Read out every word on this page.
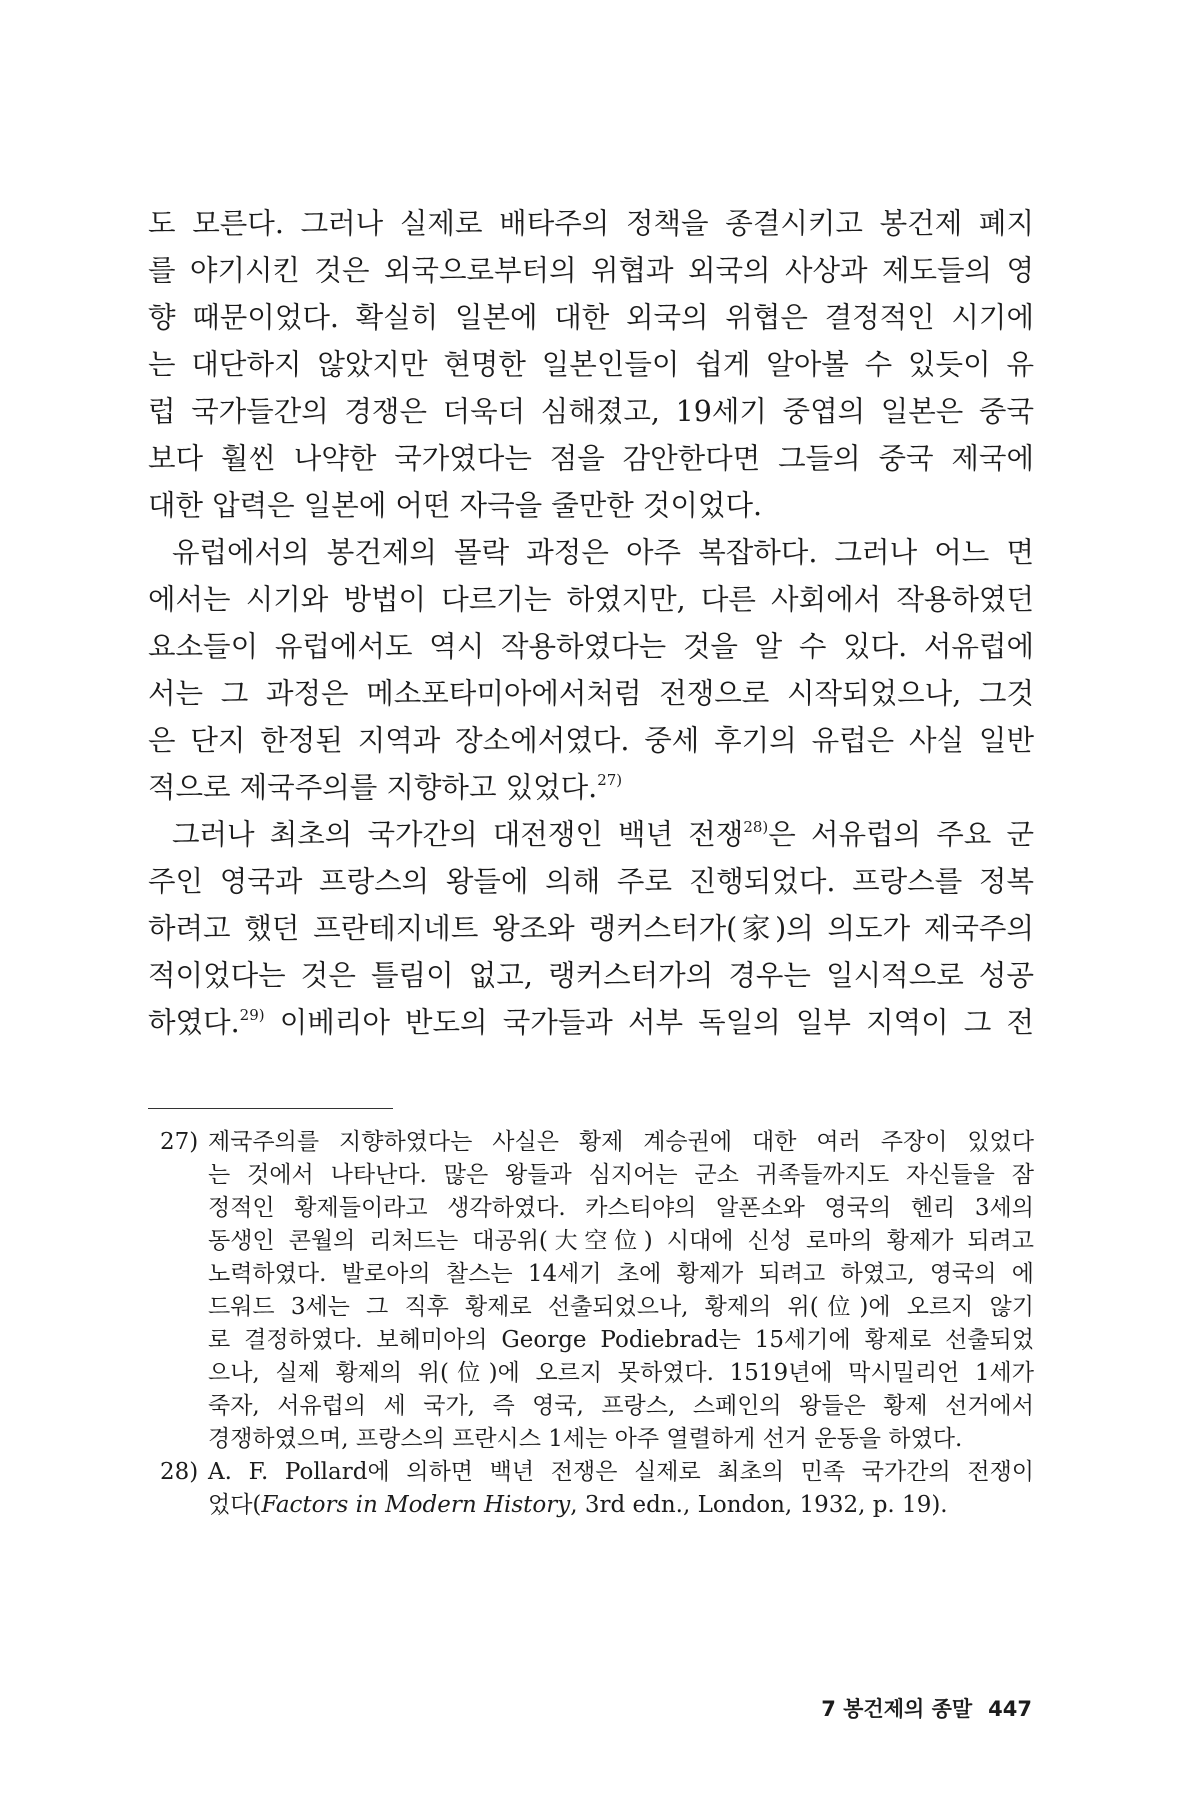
도 모른다. 그러나 실제로 배타주의 정책을 종결시키고 봉건제 폐지
를 야기시킨 것은 외국으로부터의 위협과 외국의 사상과 제도들의 영
향 때문이었다. 확실히 일본에 대한 외국의 위협은 결정적인 시기에
는 대단하지 않았지만 현명한 일본인들이 쉽게 알아볼 수 있듯이 유
럽 국가들간의 경쟁은 더욱더 심해졌고, 19세기 중엽의 일본은 중국
보다 훨씬 나약한 국가였다는 점을 감안한다면 그들의 중국 제국에
대한 압력은 일본에 어떤 자극을 줄만한 것이었다.
유럽에서의 봉건제의 몰락 과정은 아주 복잡하다. 그러나 어느 면
에서는 시기와 방법이 다르기는 하였지만, 다른 사회에서 작용하였던
요소들이 유럽에서도 역시 작용하였다는 것을 알 수 있다. 서유럽에
서는 그 과정은 메소포타미아에서처럼 전쟁으로 시작되었으나, 그것
은 단지 한정된 지역과 장소에서였다. 중세 후기의 유럽은 사실 일반
적으로 제국주의를 지향하고 있었다.$^{27)}$
그러나 최초의 국가간의 대전쟁인 백년 전쟁$^{28)}$은 서유럽의 주요 군
주인 영국과 프랑스의 왕들에 의해 주로 진행되었다. 프랑스를 정복
하려고 했던 프란테지네트 왕조와 랭커스터가(家)의 의도가 제국주의
적이었다는 것은 틀림이 없고, 랭커스터가의 경우는 일시적으로 성공
하였다.$^{29)}$ 이베리아 반도의 국가들과 서부 독일의 일부 지역이 그 전
27) 제국주의를 지향하였다는 사실은 황제 계승권에 대한 여러 주장이 있었다
는 것에서 나타난다. 많은 왕들과 심지어는 군소 귀족들까지도 자신들을 잠
정적인 황제들이라고 생각하였다. 카스티야의 알폰소와 영국의 헨리 3세의
동생인 콘월의 리처드는 대공위(大空位) 시대에 신성 로마의 황제가 되려고
노력하였다. 발로아의 찰스는 14세기 초에 황제가 되려고 하였고, 영국의 에
드워드 3세는 그 직후 황제로 선출되었으나, 황제의 위(位)에 오르지 않기
로 결정하였다. 보헤미아의 George Podiebrad는 15세기에 황제로 선출되었
으나, 실제 황제의 위(位)에 오르지 못하였다. 1519년에 막시밀리언 1세가
죽자, 서유럽의 세 국가, 즉 영국, 프랑스, 스페인의 왕들은 황제 선거에서
경쟁하였으며, 프랑스의 프란시스 1세는 아주 열렬하게 선거 운동을 하였다.
28) A. F. Pollard에 의하면 백년 전쟁은 실제로 최초의 민족 국가간의 전쟁이
었다(Factors in Modern History, 3rd edn., London, 1932, p. 19).
7 봉건제의 종말 447
